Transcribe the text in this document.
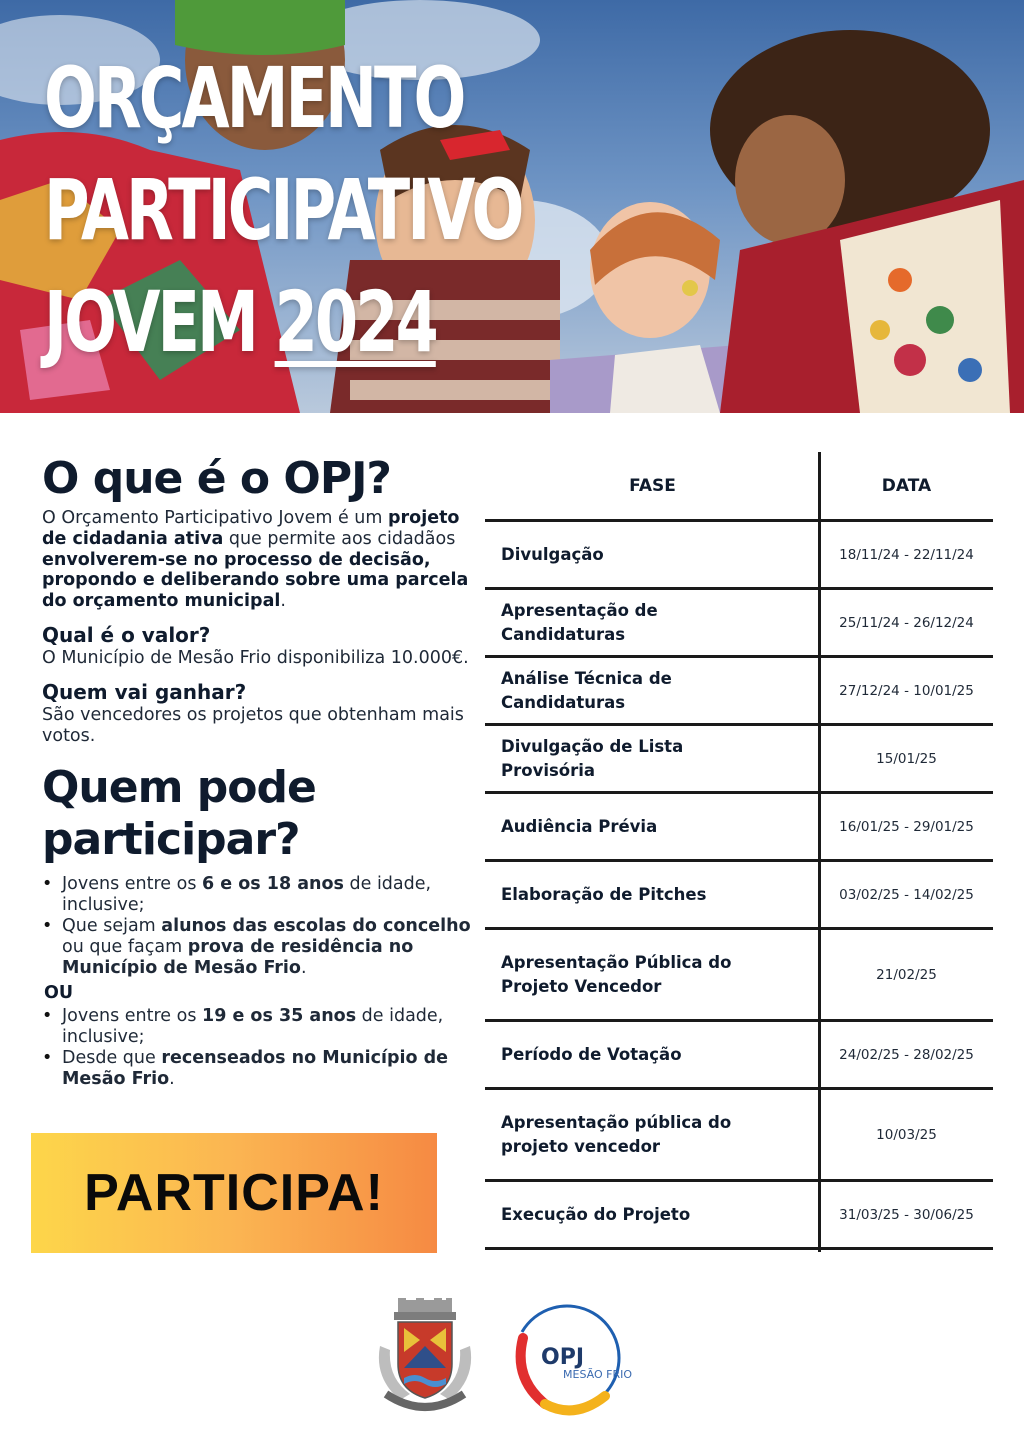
ORÇAMENTO
PARTICIPATIVO
JOVEM 2024
O que é o OPJ?

O Orçamento Participativo Jovem é um projeto de cidadania ativa que permite aos cidadãos envolverem-se no processo de decisão, propondo e deliberando sobre uma parcela do orçamento municipal.

Qual é o valor?

O Município de Mesão Frio disponibiliza 10.000€.

Quem vai ganhar?

São vencedores os projetos que obtenham mais votos.

Quem pode
participar?
• Jovens entre os 6 e os 18 anos de idade, inclusive;
• Que sejam alunos das escolas do concelho ou que façam prova de residência no Município de Mesão Frio.
OU
• Jovens entre os 19 e os 35 anos de idade, inclusive;
• Desde que recenseados no Município de Mesão Frio.
PARTICIPA!
FASE	DATA
Divulgação	18/11/24 - 22/11/24
Apresentação de Candidaturas
25/11/24 - 26/12/24
Análise Técnica de Candidaturas
27/12/24 - 10/01/25
Divulgação de Lista Provisória
15/01/25
Audiência Prévia	16/01/25 - 29/01/25
Elaboração de Pitches	03/02/25 - 14/02/25
Apresentação Pública do Projeto Vencedor
21/02/25
Período de Votação	24/02/25 - 28/02/25
Apresentação pública do projeto vencedor
10/03/25
Execução do Projeto	31/03/25 - 30/06/25
OPJ
MESÃO FRIO
